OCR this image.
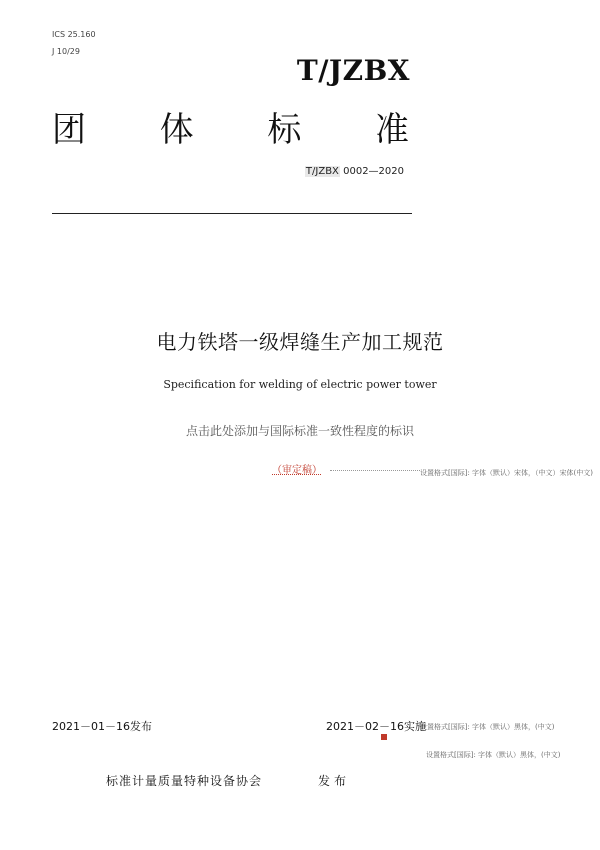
ICS 25.160
J 10/29
T/JZBX
团 体 标 准
T/JZBX 0002—2020
电力铁塔一级焊缝生产加工规范
Specification for welding of electric power tower
点击此处添加与国际标准一致性程度的标识
（审定稿）	设置格式[国际]: 字体（默认）宋体，（中文）宋体(中文)
2021－01－16发布	2021－02－16实施
设置格式[国际]: 字体（默认）黑体，(中文)
设置格式[国际]: 字体（默认）黑体，(中文)
标准计量质量特种设备协会	发布
